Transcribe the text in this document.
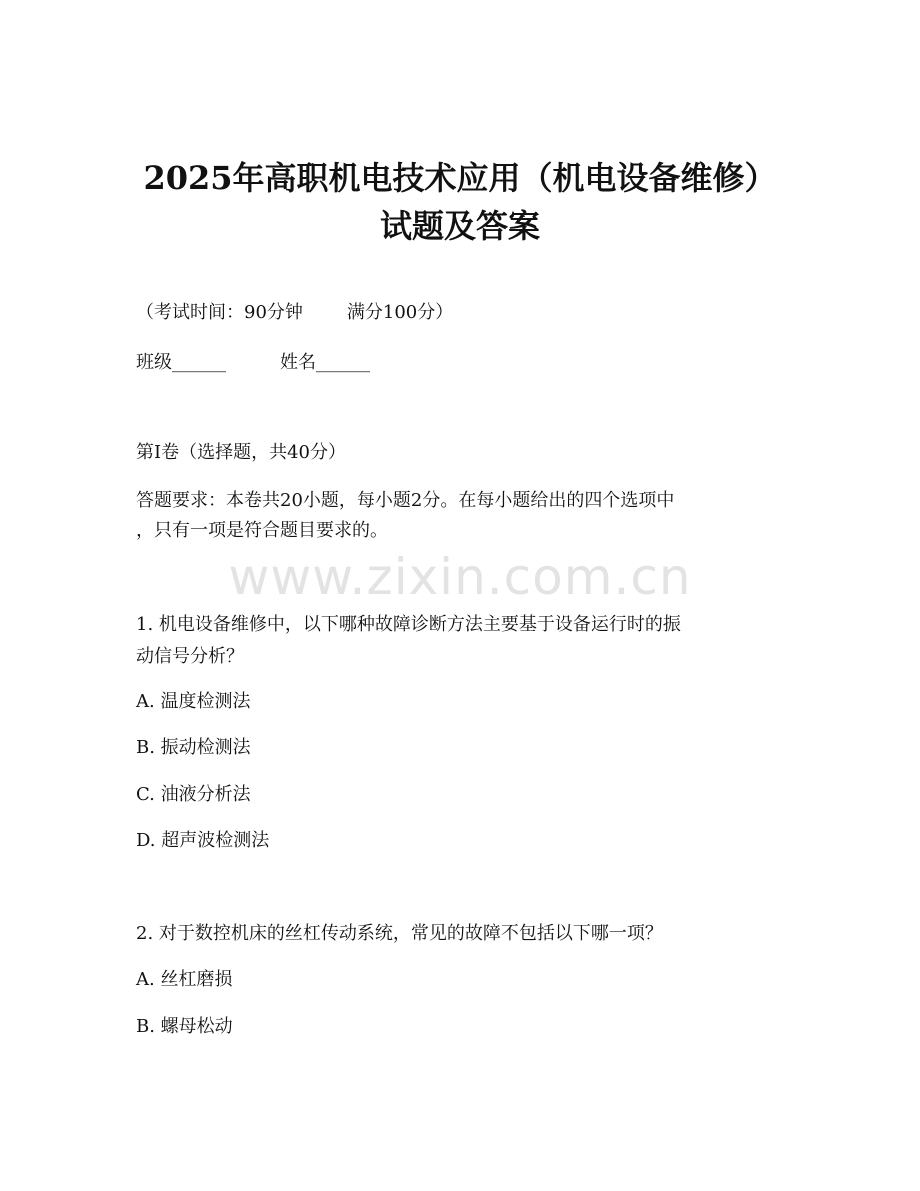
2025年高职机电技术应用（机电设备维修）
试题及答案
（考试时间：90分钟 满分100分）
班级______	姓名______
第I卷（选择题，共40分）
答题要求：本卷共20小题，每小题2分。在每小题给出的四个选项中
，只有一项是符合题目要求的。
www.zixin.com.cn
1. 机电设备维修中，以下哪种故障诊断方法主要基于设备运行时的振
动信号分析？
A. 温度检测法
B. 振动检测法
C. 油液分析法
D. 超声波检测法
2. 对于数控机床的丝杠传动系统，常见的故障不包括以下哪一项？
A. 丝杠磨损
B. 螺母松动
